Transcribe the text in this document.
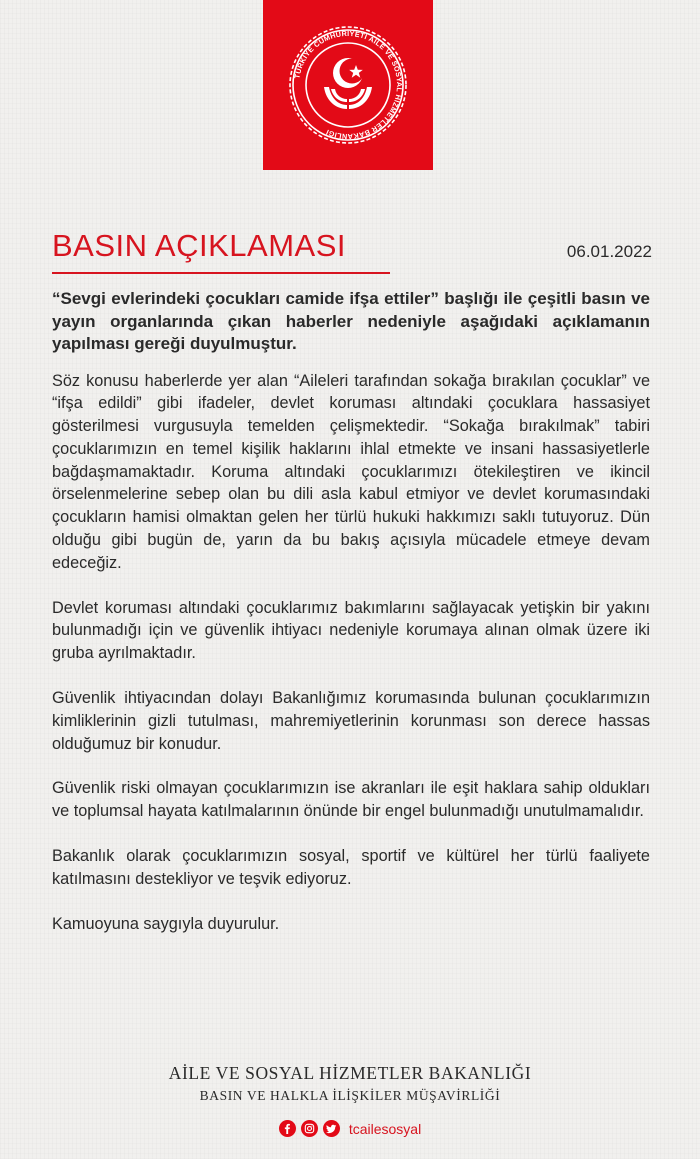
TÜRKİYE CUMHURİYETİ AİLE VE SOSYAL HİZMETLER BAKANLIĞI
BASIN AÇIKLAMASI	06.01.2022

“Sevgi evlerindeki çocukları camide ifşa ettiler” başlığı ile çeşitli basın ve yayın organlarında çıkan haberler nedeniyle aşağıdaki açıklamanın yapılması gereği duyulmuştur.

Söz konusu haberlerde yer alan “Aileleri tarafından sokağa bırakılan çocuklar” ve “ifşa edildi” gibi ifadeler, devlet koruması altındaki çocuklara hassasiyet gösterilmesi vurgusuyla temelden çelişmektedir. “Sokağa bırakılmak” tabiri çocuklarımızın en temel kişilik haklarını ihlal etmekte ve insani hassasiyetlerle bağdaşmamaktadır. Koruma altındaki çocuklarımızı ötekileştiren ve ikincil örselenmelerine sebep olan bu dili asla kabul etmiyor ve devlet korumasındaki çocukların hamisi olmaktan gelen her türlü hukuki hakkımızı saklı tutuyoruz. Dün olduğu gibi bugün de, yarın da bu bakış açısıyla mücadele etmeye devam edeceğiz.

Devlet koruması altındaki çocuklarımız bakımlarını sağlayacak yetişkin bir yakını bulunmadığı için ve güvenlik ihtiyacı nedeniyle korumaya alınan olmak üzere iki gruba ayrılmaktadır.

Güvenlik ihtiyacından dolayı Bakanlığımız korumasında bulunan çocuklarımızın kimliklerinin gizli tutulması, mahremiyetlerinin korunması son derece hassas olduğumuz bir konudur.

Güvenlik riski olmayan çocuklarımızın ise akranları ile eşit haklara sahip oldukları ve toplumsal hayata katılmalarının önünde bir engel bulunmadığı unutulmamalıdır.

Bakanlık olarak çocuklarımızın sosyal, sportif ve kültürel her türlü faaliyete katılmasını destekliyor ve teşvik ediyoruz.

Kamuoyuna saygıyla duyurulur.

AİLE VE SOSYAL HİZMETLER BAKANLIĞI
BASIN VE HALKLA İLİŞKİLER MÜŞAVİRLİĞİ
tcailesosyal
